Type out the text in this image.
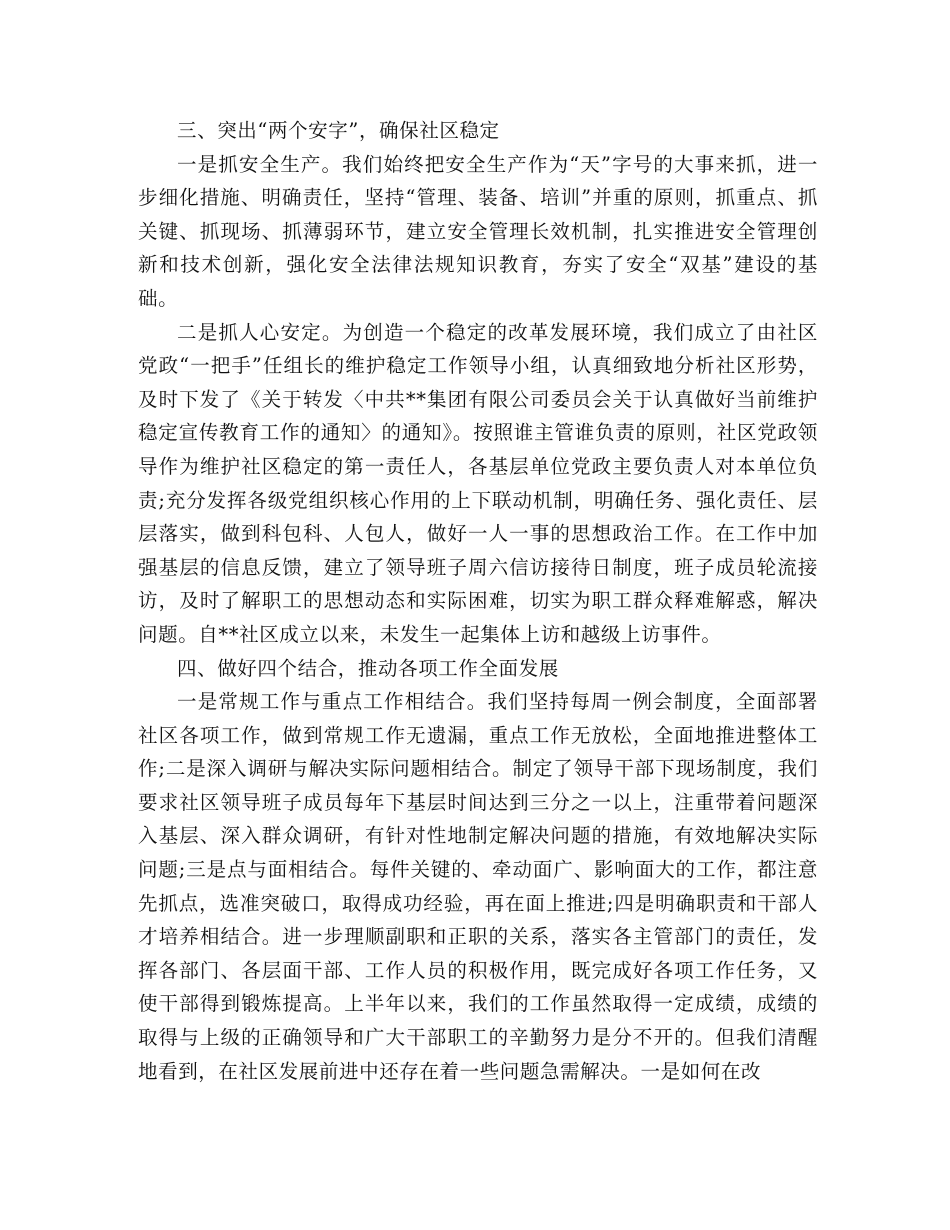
三、突出“两个安字”，确保社区稳定

一是抓安全生产。我们始终把安全生产作为“天”字号的大事来抓，进一步细化措施、明确责任，坚持“管理、装备、培训”并重的原则，抓重点、抓关键、抓现场、抓薄弱环节，建立安全管理长效机制，扎实推进安全管理创新和技术创新，强化安全法律法规知识教育，夯实了安全“双基”建设的基础。

二是抓人心安定。为创造一个稳定的改革发展环境，我们成立了由社区党政“一把手”任组长的维护稳定工作领导小组，认真细致地分析社区形势，及时下发了《关于转发〈中共**集团有限公司委员会关于认真做好当前维护稳定宣传教育工作的通知〉的通知》。按照谁主管谁负责的原则，社区党政领导作为维护社区稳定的第一责任人，各基层单位党政主要负责人对本单位负责;充分发挥各级党组织核心作用的上下联动机制，明确任务、强化责任、层层落实，做到科包科、人包人，做好一人一事的思想政治工作。在工作中加强基层的信息反馈，建立了领导班子周六信访接待日制度，班子成员轮流接访，及时了解职工的思想动态和实际困难，切实为职工群众释难解惑，解决问题。自**社区成立以来，未发生一起集体上访和越级上访事件。

四、做好四个结合，推动各项工作全面发展

一是常规工作与重点工作相结合。我们坚持每周一例会制度，全面部署社区各项工作，做到常规工作无遗漏，重点工作无放松，全面地推进整体工作;二是深入调研与解决实际问题相结合。制定了领导干部下现场制度，我们要求社区领导班子成员每年下基层时间达到三分之一以上，注重带着问题深入基层、深入群众调研，有针对性地制定解决问题的措施，有效地解决实际问题;三是点与面相结合。每件关键的、牵动面广、影响面大的工作，都注意先抓点，选准突破口，取得成功经验，再在面上推进;四是明确职责和干部人才培养相结合。进一步理顺副职和正职的关系，落实各主管部门的责任，发挥各部门、各层面干部、工作人员的积极作用，既完成好各项工作任务，又使干部得到锻炼提高。上半年以来，我们的工作虽然取得一定成绩，成绩的取得与上级的正确领导和广大干部职工的辛勤努力是分不开的。但我们清醒地看到，在社区发展前进中还存在着一些问题急需解决。一是如何在改
